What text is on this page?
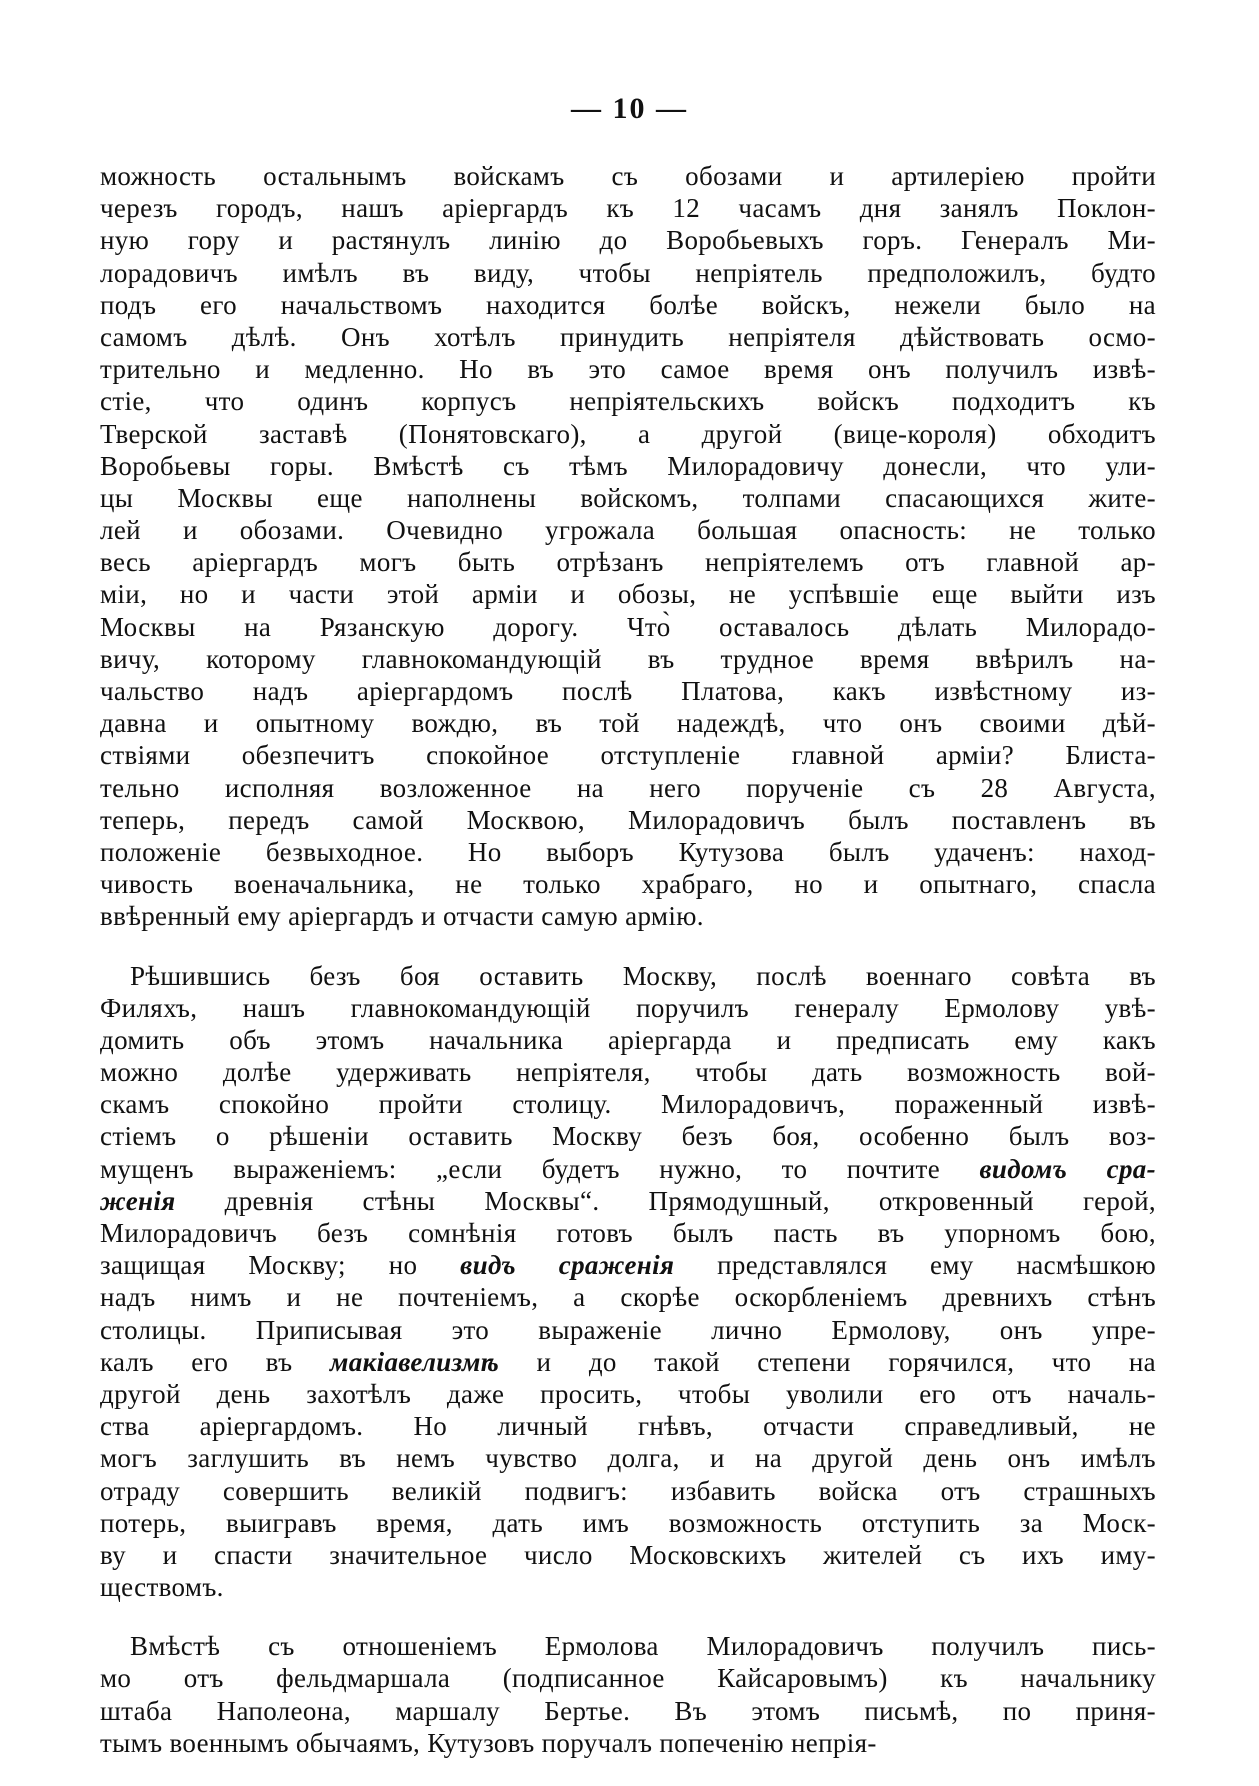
— 10 —
можность остальнымъ войскамъ съ обозами и артилеріею пройти
черезъ городъ, нашъ аріергардъ къ 12 часамъ дня занялъ Поклон-
ную гору и растянулъ линію до Воробьевыхъ горъ. Генералъ Ми-
лорадовичъ имѣлъ въ виду, чтобы непріятель предположилъ, будто
подъ его начальствомъ находится болѣе войскъ, нежели было на
самомъ дѣлѣ. Онъ хотѣлъ принудить непріятеля дѣйствовать осмо-
трительно и медленно. Но въ это самое время онъ получилъ извѣ-
стіе, что одинъ корпусъ непріятельскихъ войскъ подходитъ къ
Тверской заставѣ (Понятовскаго), а другой (вице-короля) обходитъ
Воробьевы горы. Вмѣстѣ съ тѣмъ Милорадовичу донесли, что ули-
цы Москвы еще наполнены войскомъ, толпами спасающихся жите-
лей и обозами. Очевидно угрожала большая опасность: не только
весь аріергардъ могъ быть отрѣзанъ непріятелемъ отъ главной ар-
міи, но и части этой арміи и обозы, не успѣвшіе еще выйти изъ
Москвы на Рязанскую дорогу. Что̀ оставалось дѣлать Милорадо-
вичу, которому главнокомандующій въ трудное время ввѣрилъ на-
чальство надъ аріергардомъ послѣ Платова, какъ извѣстному из-
давна и опытному вождю, въ той надеждѣ, что онъ своими дѣй-
ствіями обезпечитъ спокойное отступленіе главной арміи? Блиста-
тельно исполняя возложенное на него порученіе съ 28 Августа,
теперь, передъ самой Москвою, Милорадовичъ былъ поставленъ въ
положеніе безвыходное. Но выборъ Кутузова былъ удаченъ: наход-
чивость военачальника, не только храбраго, но и опытнаго, спасла
ввѣренный ему аріергардъ и отчасти самую армію.
Рѣшившись безъ боя оставить Москву, послѣ военнаго совѣта въ
Филяхъ, нашъ главнокомандующій поручилъ генералу Ермолову увѣ-
домить объ этомъ начальника аріергарда и предписать ему какъ
можно долѣе удерживать непріятеля, чтобы дать возможность вой-
скамъ спокойно пройти столицу. Милорадовичъ, пораженный извѣ-
стіемъ о рѣшеніи оставить Москву безъ боя, особенно былъ воз-
мущенъ выраженіемъ: „если будетъ нужно, то почтите видомъ сра-
женія древнія стѣны Москвы“. Прямодушный, откровенный герой,
Милорадовичъ безъ сомнѣнія готовъ былъ пасть въ упорномъ бою,
защищая Москву; но видъ сраженія представлялся ему насмѣшкою
надъ нимъ и не почтеніемъ, а скорѣе оскорбленіемъ древнихъ стѣнъ
столицы. Приписывая это выраженіе лично Ермолову, онъ упре-
калъ его въ макіавелизмѣ и до такой степени горячился, что на
другой день захотѣлъ даже просить, чтобы уволили его отъ началь-
ства аріергардомъ. Но личный гнѣвъ, отчасти справедливый, не
могъ заглушить въ немъ чувство долга, и на другой день онъ имѣлъ
отраду совершить великій подвигъ: избавить войска отъ страшныхъ
потерь, выигравъ время, дать имъ возможность отступить за Моск-
ву и спасти значительное число Московскихъ жителей съ ихъ иму-
ществомъ.
Вмѣстѣ съ отношеніемъ Ермолова Милорадовичъ получилъ пись-
мо отъ фельдмаршала (подписанное Кайсаровымъ) къ начальнику
штаба Наполеона, маршалу Бертье. Въ этомъ письмѣ, по приня-
тымъ военнымъ обычаямъ, Кутузовъ поручалъ попеченію непрія-
